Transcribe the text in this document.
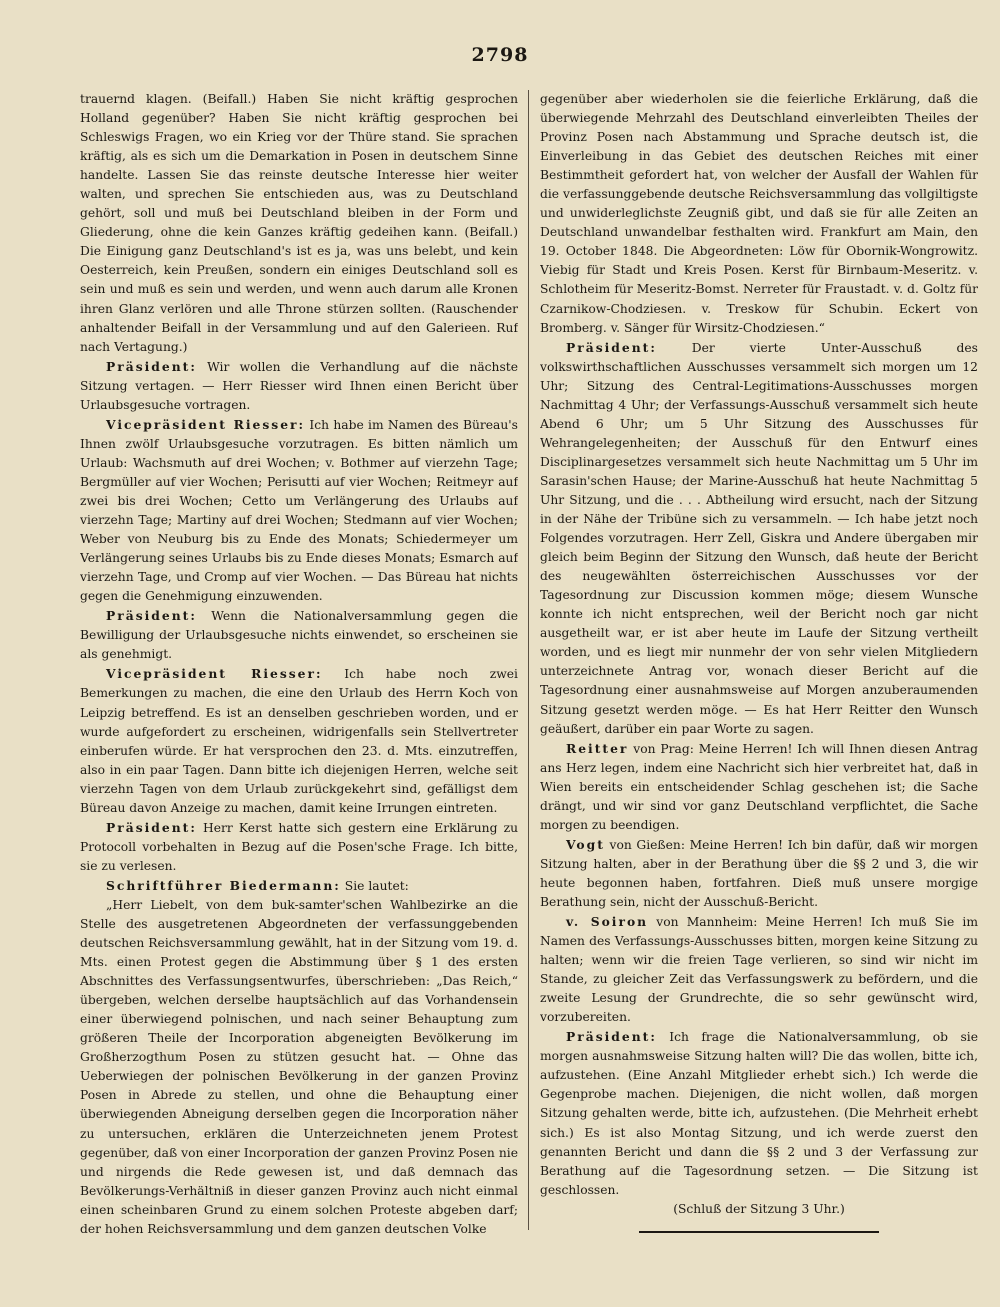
2798

trauernd klagen. (Beifall.) Haben Sie nicht kräftig gesprochen Holland gegenüber? Haben Sie nicht kräftig gesprochen bei Schleswigs Fragen, wo ein Krieg vor der Thüre stand. Sie sprachen kräftig, als es sich um die Demarkation in Posen in deutschem Sinne handelte. Lassen Sie das reinste deutsche Interesse hier weiter walten, und sprechen Sie entschieden aus, was zu Deutschland gehört, soll und muß bei Deutschland bleiben in der Form und Gliederung, ohne die kein Ganzes kräftig gedeihen kann. (Beifall.) Die Einigung ganz Deutschland's ist es ja, was uns belebt, und kein Oesterreich, kein Preußen, sondern ein einiges Deutschland soll es sein und muß es sein und werden, und wenn auch darum alle Kronen ihren Glanz verlören und alle Throne stürzen sollten. (Rauschender anhaltender Beifall in der Versammlung und auf den Galerieen. Ruf nach Vertagung.)

Präsident: Wir wollen die Verhandlung auf die nächste Sitzung vertagen. — Herr Riesser wird Ihnen einen Bericht über Urlaubsgesuche vortragen.

Vicepräsident Riesser: Ich habe im Namen des Büreau's Ihnen zwölf Urlaubsgesuche vorzutragen. Es bitten nämlich um Urlaub: Wachsmuth auf drei Wochen; v. Bothmer auf vierzehn Tage; Bergmüller auf vier Wochen; Perisutti auf vier Wochen; Reitmeyr auf zwei bis drei Wochen; Cetto um Verlängerung des Urlaubs auf vierzehn Tage; Martiny auf drei Wochen; Stedmann auf vier Wochen; Weber von Neuburg bis zu Ende des Monats; Schiedermeyer um Verlängerung seines Urlaubs bis zu Ende dieses Monats; Esmarch auf vierzehn Tage, und Cromp auf vier Wochen. — Das Büreau hat nichts gegen die Genehmigung einzuwenden.

Präsident: Wenn die Nationalversammlung gegen die Bewilligung der Urlaubsgesuche nichts einwendet, so erscheinen sie als genehmigt.

Vicepräsident Riesser: Ich habe noch zwei Bemerkungen zu machen, die eine den Urlaub des Herrn Koch von Leipzig betreffend. Es ist an denselben geschrieben worden, und er wurde aufgefordert zu erscheinen, widrigenfalls sein Stellvertreter einberufen würde. Er hat versprochen den 23. d. Mts. einzutreffen, also in ein paar Tagen. Dann bitte ich diejenigen Herren, welche seit vierzehn Tagen von dem Urlaub zurückgekehrt sind, gefälligst dem Büreau davon Anzeige zu machen, damit keine Irrungen eintreten.

Präsident: Herr Kerst hatte sich gestern eine Erklärung zu Protocoll vorbehalten in Bezug auf die Posen'sche Frage. Ich bitte, sie zu verlesen.

Schriftführer Biedermann: Sie lautet:

„Herr Liebelt, von dem buk-samter'schen Wahlbezirke an die Stelle des ausgetretenen Abgeordneten der verfassunggebenden deutschen Reichsversammlung gewählt, hat in der Sitzung vom 19. d. Mts. einen Protest gegen die Abstimmung über § 1 des ersten Abschnittes des Verfassungsentwurfes, überschrieben: „Das Reich,“ übergeben, welchen derselbe hauptsächlich auf das Vorhandensein einer überwiegend polnischen, und nach seiner Behauptung zum größeren Theile der Incorporation abgeneigten Bevölkerung im Großherzogthum Posen zu stützen gesucht hat. — Ohne das Ueberwiegen der polnischen Bevölkerung in der ganzen Provinz Posen in Abrede zu stellen, und ohne die Behauptung einer überwiegenden Abneigung derselben gegen die Incorporation näher zu untersuchen, erklären die Unterzeichneten jenem Protest gegenüber, daß von einer Incorporation der ganzen Provinz Posen nie und nirgends die Rede gewesen ist, und daß demnach das Bevölkerungs-Verhältniß in dieser ganzen Provinz auch nicht einmal einen scheinbaren Grund zu einem solchen Proteste abgeben darf; der hohen Reichsversammlung und dem ganzen deutschen Volke

gegenüber aber wiederholen sie die feierliche Erklärung, daß die überwiegende Mehrzahl des Deutschland einverleibten Theiles der Provinz Posen nach Abstammung und Sprache deutsch ist, die Einverleibung in das Gebiet des deutschen Reiches mit einer Bestimmtheit gefordert hat, von welcher der Ausfall der Wahlen für die verfassunggebende deutsche Reichsversammlung das vollgiltigste und unwiderleglichste Zeugniß gibt, und daß sie für alle Zeiten an Deutschland unwandelbar festhalten wird. Frankfurt am Main, den 19. October 1848. Die Abgeordneten: Löw für Obornik-Wongrowitz. Viebig für Stadt und Kreis Posen. Kerst für Birnbaum-Meseritz. v. Schlotheim für Meseritz-Bomst. Nerreter für Fraustadt. v. d. Goltz für Czarnikow-Chodziesen. v. Treskow für Schubin. Eckert von Bromberg. v. Sänger für Wirsitz-Chodziesen.“

Präsident:	Der vierte Unter-Ausschuß des volkswirthschaftlichen Ausschusses versammelt sich morgen um 12 Uhr; Sitzung des Central-Legitimations-Ausschusses morgen Nachmittag 4 Uhr; der Verfassungs-Ausschuß versammelt sich heute Abend 6 Uhr; um 5 Uhr Sitzung des Ausschusses für Wehrangelegenheiten; der Ausschuß für den Entwurf eines Disciplinargesetzes versammelt sich heute Nachmittag um 5 Uhr im Sarasin'schen Hause; der Marine-Ausschuß hat heute Nachmittag 5 Uhr Sitzung, und die . . . Abtheilung wird ersucht, nach der Sitzung in der Nähe der Tribüne sich zu versammeln. — Ich habe jetzt noch Folgendes vorzutragen. Herr Zell, Giskra und Andere übergaben mir gleich beim Beginn der Sitzung den Wunsch, daß heute der Bericht des neugewählten österreichischen Ausschusses vor der Tagesordnung zur Discussion kommen möge; diesem Wunsche konnte ich nicht entsprechen, weil der Bericht noch gar nicht ausgetheilt war, er ist aber heute im Laufe der Sitzung vertheilt worden, und es liegt mir nunmehr der von sehr vielen Mitgliedern unterzeichnete Antrag vor, wonach dieser Bericht auf die Tagesordnung einer ausnahmsweise auf Morgen anzuberaumenden Sitzung gesetzt werden möge. — Es hat Herr Reitter den Wunsch geäußert, darüber ein paar Worte zu sagen.

Reitter von Prag: Meine Herren! Ich will Ihnen diesen Antrag ans Herz legen, indem eine Nachricht sich hier verbreitet hat, daß in Wien bereits ein entscheidender Schlag geschehen ist; die Sache drängt, und wir sind vor ganz Deutschland verpflichtet, die Sache morgen zu beendigen.

Vogt von Gießen: Meine Herren! Ich bin dafür, daß wir morgen Sitzung halten, aber in der Berathung über die §§ 2 und 3, die wir heute begonnen haben, fortfahren. Dieß muß unsere morgige Berathung sein, nicht der Ausschuß-Bericht.

v. Soiron von Mannheim: Meine Herren! Ich muß Sie im Namen des Verfassungs-Ausschusses bitten, morgen keine Sitzung zu halten; wenn wir die freien Tage verlieren, so sind wir nicht im Stande, zu gleicher Zeit das Verfassungswerk zu befördern, und die zweite Lesung der Grundrechte, die so sehr gewünscht wird, vorzubereiten.

Präsident: Ich frage die Nationalversammlung, ob sie morgen ausnahmsweise Sitzung halten will? Die das wollen, bitte ich, aufzustehen. (Eine Anzahl Mitglieder erhebt sich.) Ich werde die Gegenprobe machen. Diejenigen, die nicht wollen, daß morgen Sitzung gehalten werde, bitte ich, aufzustehen. (Die Mehrheit erhebt sich.) Es ist also Montag Sitzung, und ich werde zuerst den genannten Bericht und dann die §§ 2 und 3 der Verfassung zur Berathung auf die Tagesordnung setzen. — Die Sitzung ist geschlossen.

(Schluß der Sitzung 3 Uhr.)
